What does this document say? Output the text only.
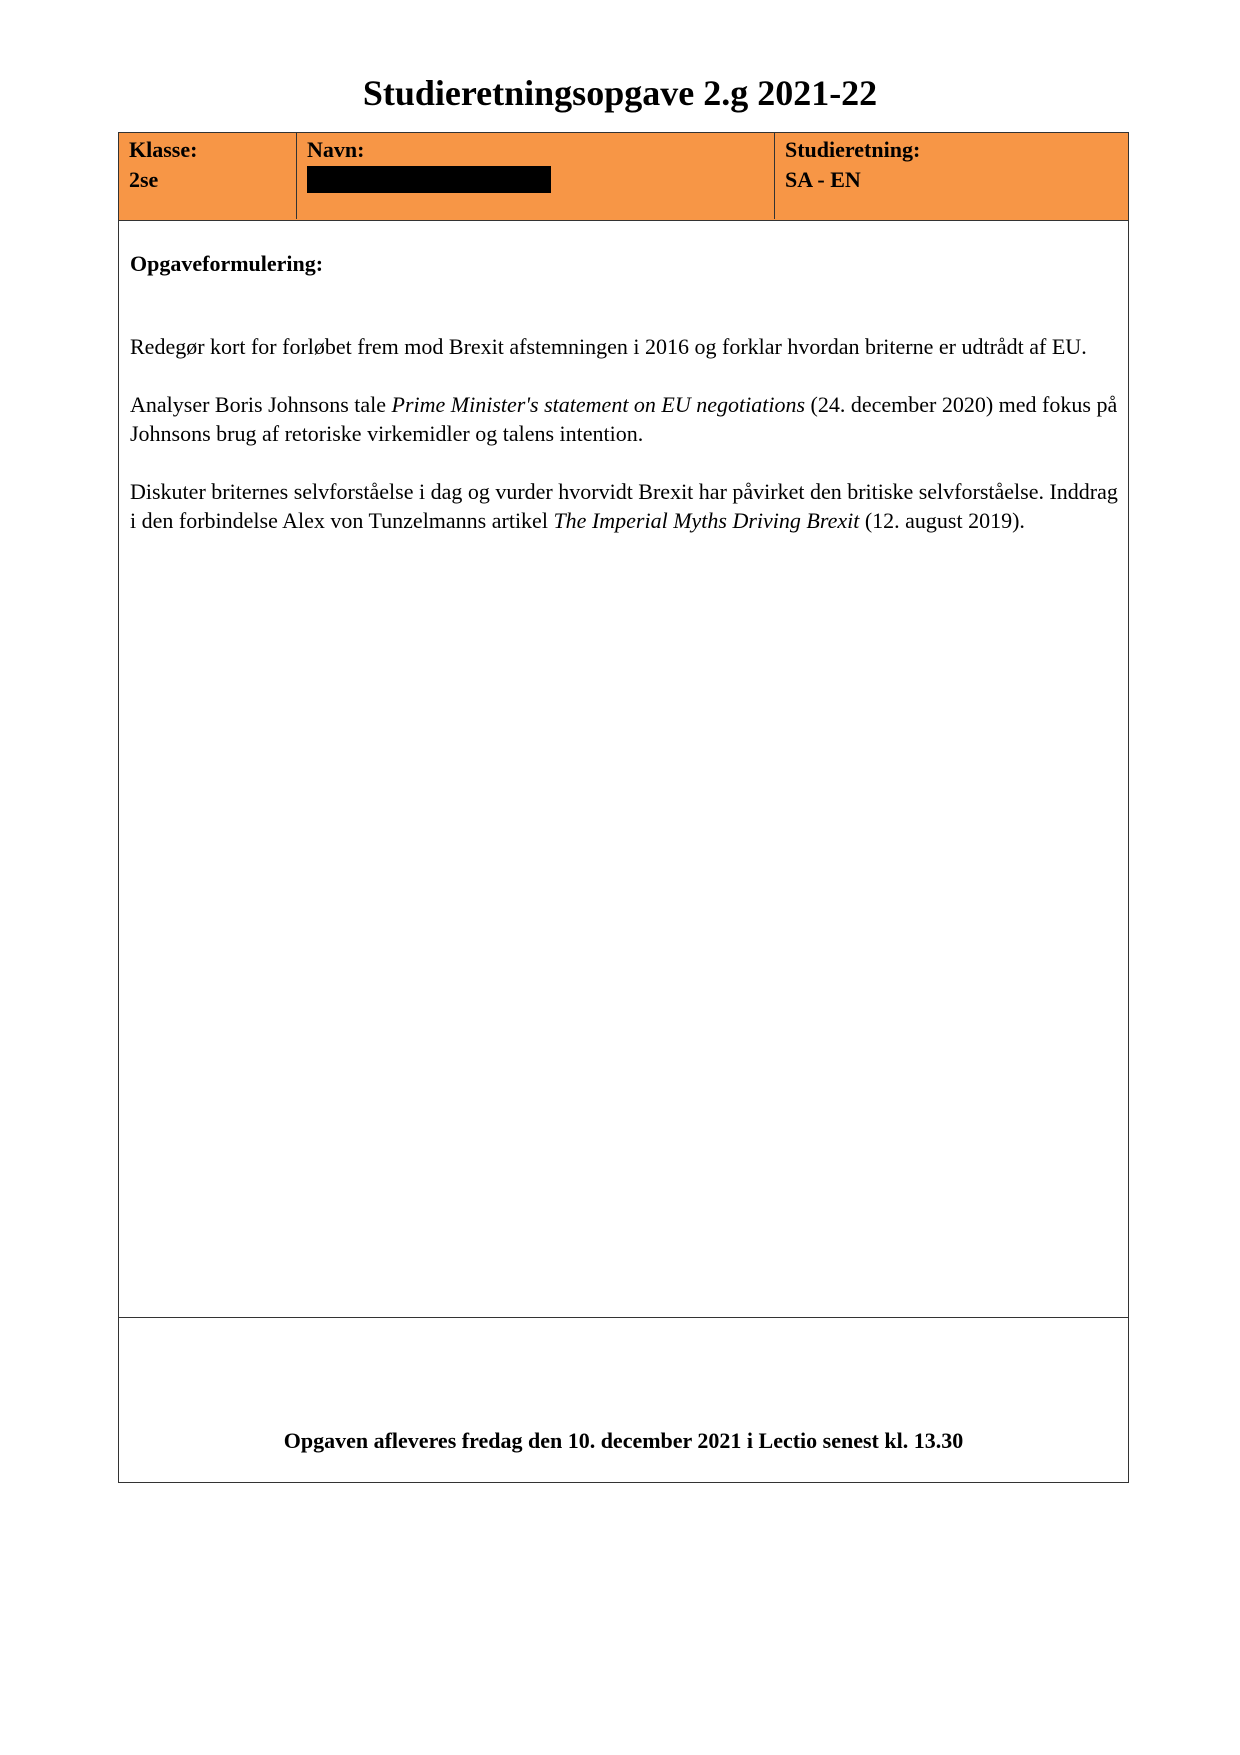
Studieretningsopgave 2.g 2021-22
Klasse:
2se
Navn:	Studieretning:
SA - EN

Opgaveformulering:

Redegør kort for forløbet frem mod Brexit afstemningen i 2016 og forklar hvordan briterne er udtrådt af EU.

Analyser Boris Johnsons tale Prime Minister's statement on EU negotiations (24. december 2020) med fokus på Johnsons brug af retoriske virkemidler og talens intention.

Diskuter briternes selvforståelse i dag og vurder hvorvidt Brexit har påvirket den britiske selvforståelse. Inddrag i den forbindelse Alex von Tunzelmanns artikel The Imperial Myths Driving Brexit (12. august 2019).

Opgaven afleveres fredag den 10. december 2021 i Lectio senest kl. 13.30
